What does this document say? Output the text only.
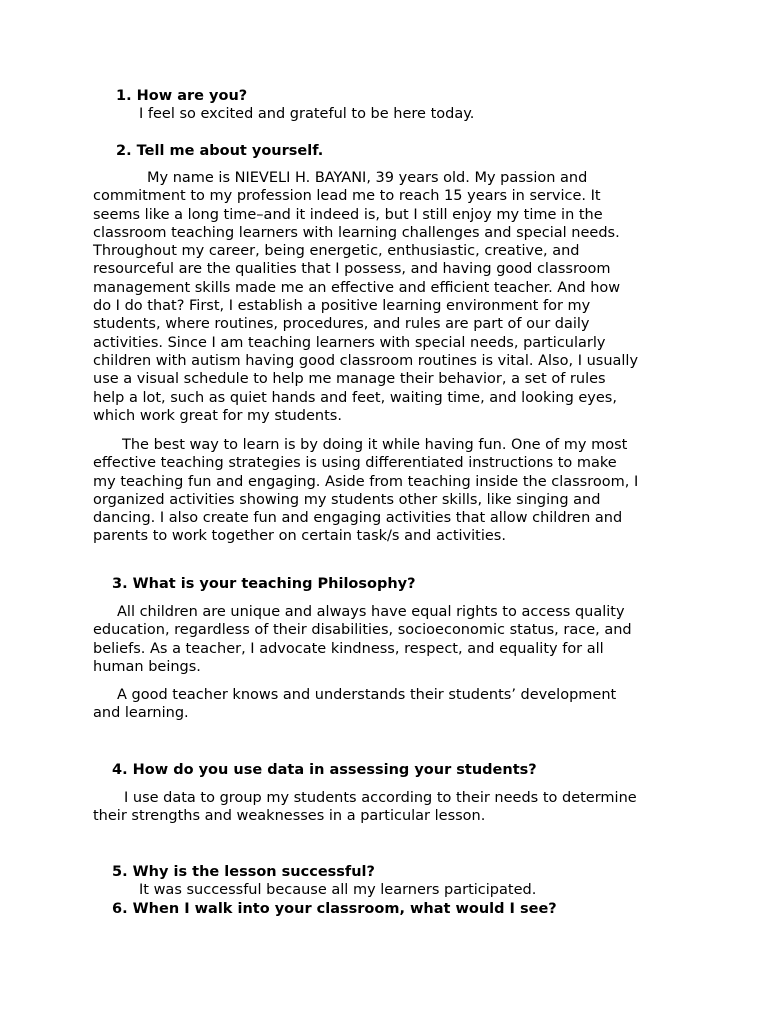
1. How are you?
I feel so excited and grateful to be here today.
2. Tell me about yourself.
My name is NIEVELI H. BAYANI, 39 years old. My passion and
commitment to my profession lead me to reach 15 years in service. It
seems like a long time–and it indeed is, but I still enjoy my time in the
classroom teaching learners with learning challenges and special needs.
Throughout my career, being energetic, enthusiastic, creative, and
resourceful are the qualities that I possess, and having good classroom
management skills made me an effective and efficient teacher. And how
do I do that? First, I establish a positive learning environment for my
students, where routines, procedures, and rules are part of our daily
activities. Since I am teaching learners with special needs, particularly
children with autism having good classroom routines is vital. Also, I usually
use a visual schedule to help me manage their behavior, a set of rules
help a lot, such as quiet hands and feet, waiting time, and looking eyes,
which work great for my students.
The best way to learn is by doing it while having fun. One of my most
effective teaching strategies is using differentiated instructions to make
my teaching fun and engaging. Aside from teaching inside the classroom, I
organized activities showing my students other skills, like singing and
dancing. I also create fun and engaging activities that allow children and
parents to work together on certain task/s and activities.
3. What is your teaching Philosophy?
All children are unique and always have equal rights to access quality
education, regardless of their disabilities, socioeconomic status, race, and
beliefs. As a teacher, I advocate kindness, respect, and equality for all
human beings.
A good teacher knows and understands their students’ development
and learning.
4. How do you use data in assessing your students?
I use data to group my students according to their needs to determine
their strengths and weaknesses in a particular lesson.
5. Why is the lesson successful?
It was successful because all my learners participated.
6. When I walk into your classroom, what would I see?
